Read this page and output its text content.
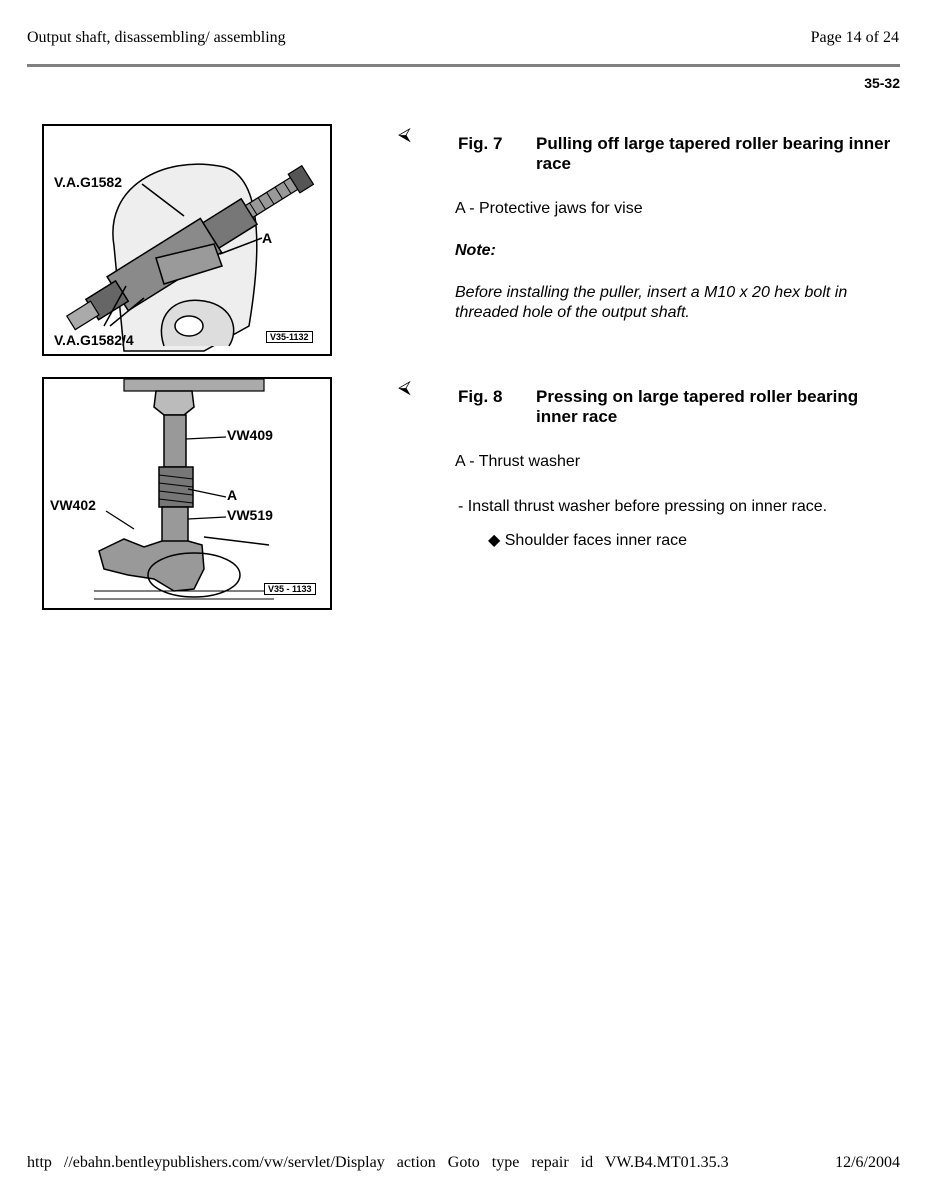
Output shaft, disassembling/ assembling	Page 14 of 24
35-32
V.A.G1582
V.A.G1582/4
A
V35-1132
⮘	Fig. 7 Pulling off large tapered roller bearing inner race
A - Protective jaws for vise
Note:
Before installing the puller, insert a M10 x 20 hex bolt in threaded hole of the output shaft.
VW409
VW402
A
VW519
V35 - 1133
⮘	Fig. 8 Pressing on large tapered roller bearing inner race
A - Thrust washer
- Install thrust washer before pressing on inner race.
◆ Shoulder faces inner race
http //ebahn.bentleypublishers.com/vw/servlet/Display action Goto type repair id VW.B4.MT01.35.3	12/6/2004
